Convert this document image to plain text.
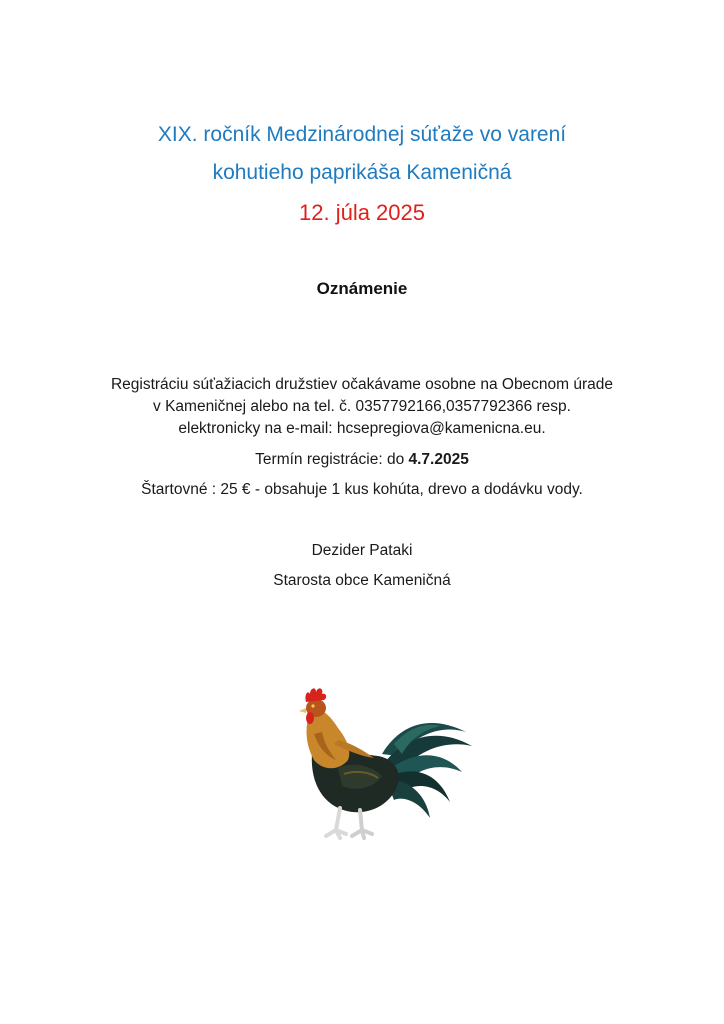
XIX. ročník Medzinárodnej súťaže vo varení
kohutieho paprikáša Kameničná
12. júla 2025
Oznámenie
Registráciu súťažiacich družstiev očakávame osobne na Obecnom úrade
v Kameničnej alebo na tel. č. 0357792166,0357792366 resp.
elektronicky na e-mail: hcsepregiova@kamenicna.eu.
Termín registrácie: do 4.7.2025
Štartovné : 25 € - obsahuje 1 kus kohúta, drevo a dodávku vody.
Dezider Pataki
Starosta obce Kameničná
